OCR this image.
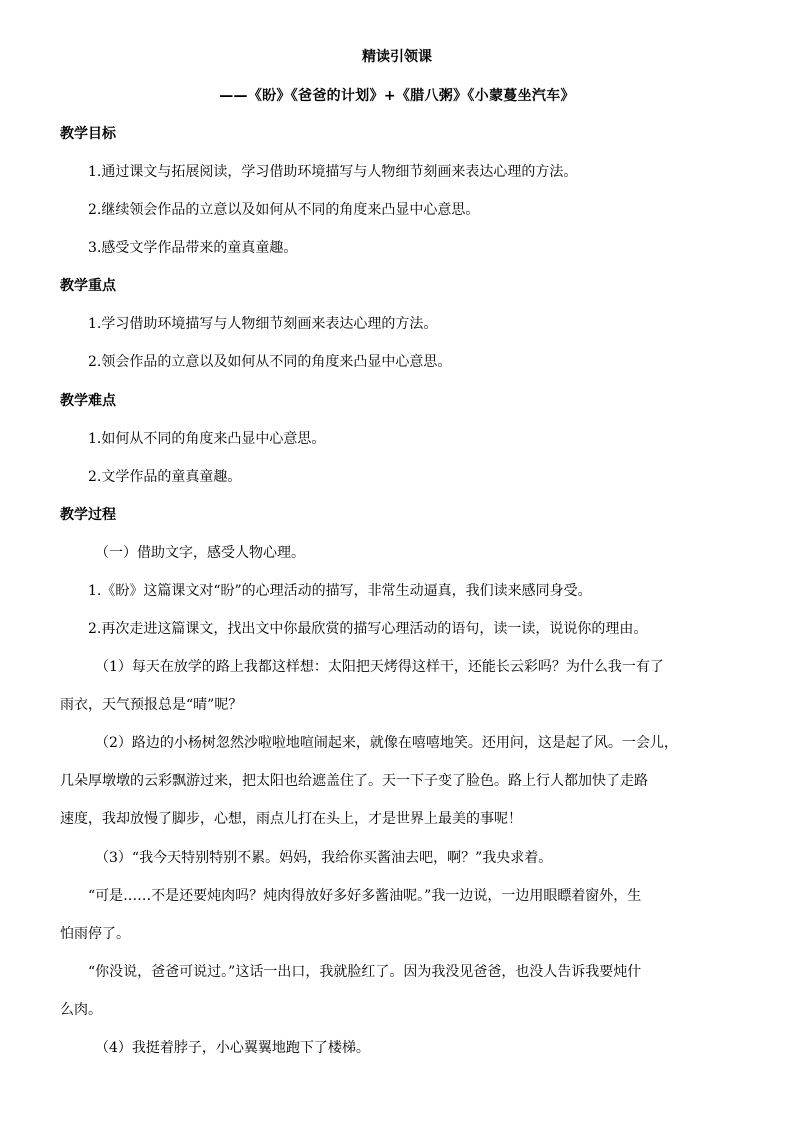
精读引领课
——《盼》《爸爸的计划》+《腊八粥》《小蒙蔓坐汽车》
教学目标
1.通过课文与拓展阅读，学习借助环境描写与人物细节刻画来表达心理的方法。
2.继续领会作品的立意以及如何从不同的角度来凸显中心意思。
3.感受文学作品带来的童真童趣。
教学重点
1.学习借助环境描写与人物细节刻画来表达心理的方法。
2.领会作品的立意以及如何从不同的角度来凸显中心意思。
教学难点
1.如何从不同的角度来凸显中心意思。
2.文学作品的童真童趣。
教学过程
（一）借助文字，感受人物心理。
1.《盼》这篇课文对“盼”的心理活动的描写，非常生动逼真，我们读来感同身受。
2.再次走进这篇课文，找出文中你最欣赏的描写心理活动的语句，读一读，说说你的理由。
（1）每天在放学的路上我都这样想：太阳把天烤得这样干，还能长云彩吗？为什么我一有了
雨衣，天气预报总是“晴”呢？
（2）路边的小杨树忽然沙啦啦地喧闹起来，就像在嘻嘻地笑。还用问，这是起了风。一会儿，
几朵厚墩墩的云彩飘游过来，把太阳也给遮盖住了。天一下子变了脸色。路上行人都加快了走路
速度，我却放慢了脚步，心想，雨点儿打在头上，才是世界上最美的事呢！
（3）“我今天特别特别不累。妈妈，我给你买酱油去吧，啊？”我央求着。
“可是……不是还要炖肉吗？炖肉得放好多好多酱油呢。”我一边说，一边用眼瞟着窗外，生
怕雨停了。
“你没说，爸爸可说过。”这话一出口，我就脸红了。因为我没见爸爸，也没人告诉我要炖什
么肉。
（4）我挺着脖子，小心翼翼地跑下了楼梯。
